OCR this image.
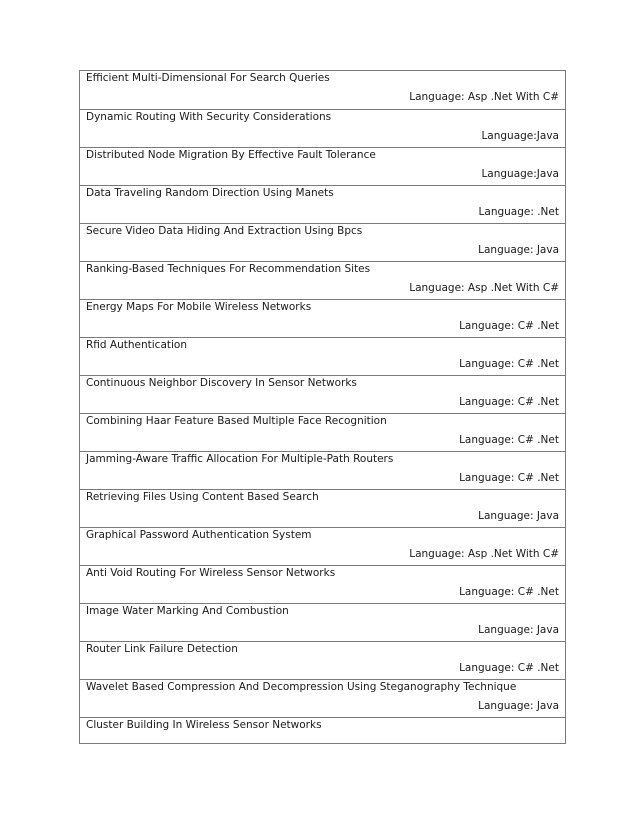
Efficient Multi-Dimensional For Search Queries
Language: Asp .Net With C#
Dynamic Routing With Security Considerations
Language:Java
Distributed Node Migration By Effective Fault Tolerance
Language:Java
Data Traveling Random Direction Using Manets
Language: .Net
Secure Video Data Hiding And Extraction Using Bpcs
Language: Java
Ranking-Based Techniques For Recommendation Sites
Language: Asp .Net With C#
Energy Maps For Mobile Wireless Networks
Language: C# .Net
Rfid Authentication
Language: C# .Net
Continuous Neighbor Discovery In Sensor Networks
Language: C# .Net
Combining Haar Feature Based Multiple Face Recognition
Language: C# .Net
Jamming-Aware Traffic Allocation For Multiple-Path Routers
Language: C# .Net
Retrieving Files Using Content Based Search
Language: Java
Graphical Password Authentication System
Language: Asp .Net With C#
Anti Void Routing For Wireless Sensor Networks
Language: C# .Net
Image Water Marking And Combustion
Language: Java
Router Link Failure Detection
Language: C# .Net
Wavelet Based Compression And Decompression Using Steganography Technique
Language: Java
Cluster Building In Wireless Sensor Networks
